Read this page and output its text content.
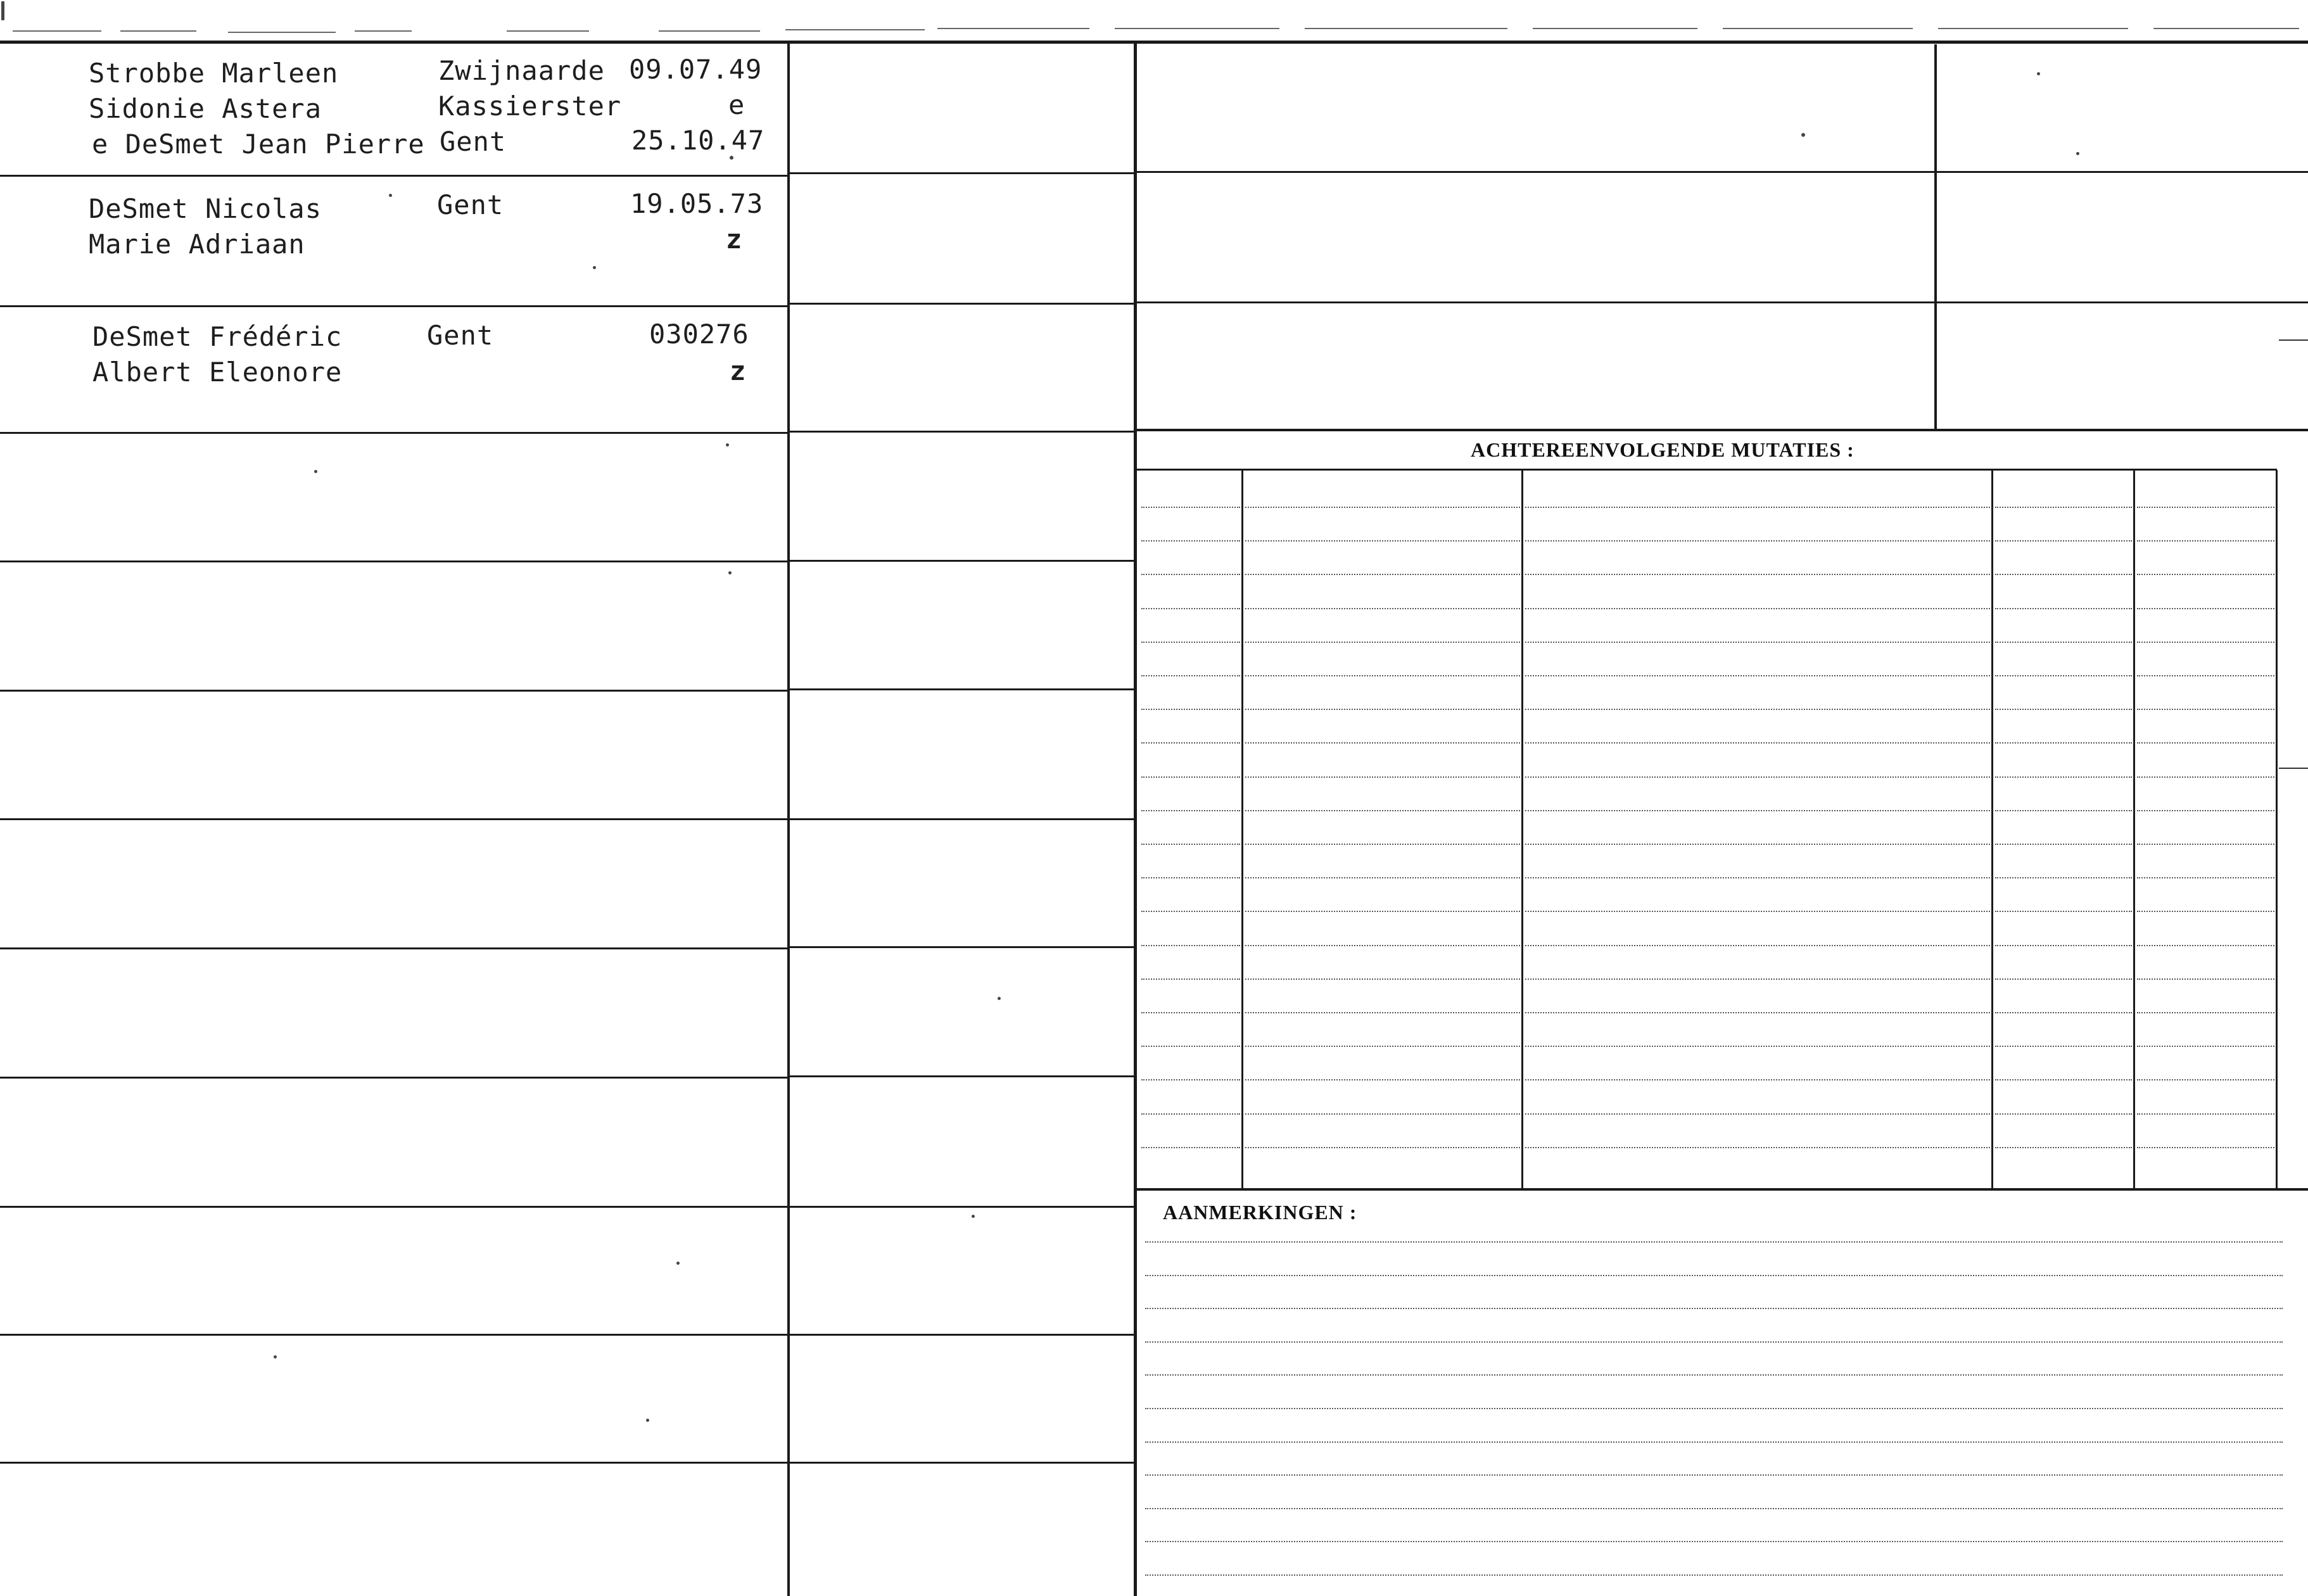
Strobbe Marleen
Sidonie Astera
e DeSmet Jean Pierre
Zwijnaarde
Kassierster
Gent
09.07.49
e
25.10.47
DeSmet Nicolas
Marie Adriaan
Gent	19.05.73
z
DeSmet Frédéric
Albert Eleonore
Gent	030276
z
ACHTEREENVOLGENDE MUTATIES :
AANMERKINGEN :
